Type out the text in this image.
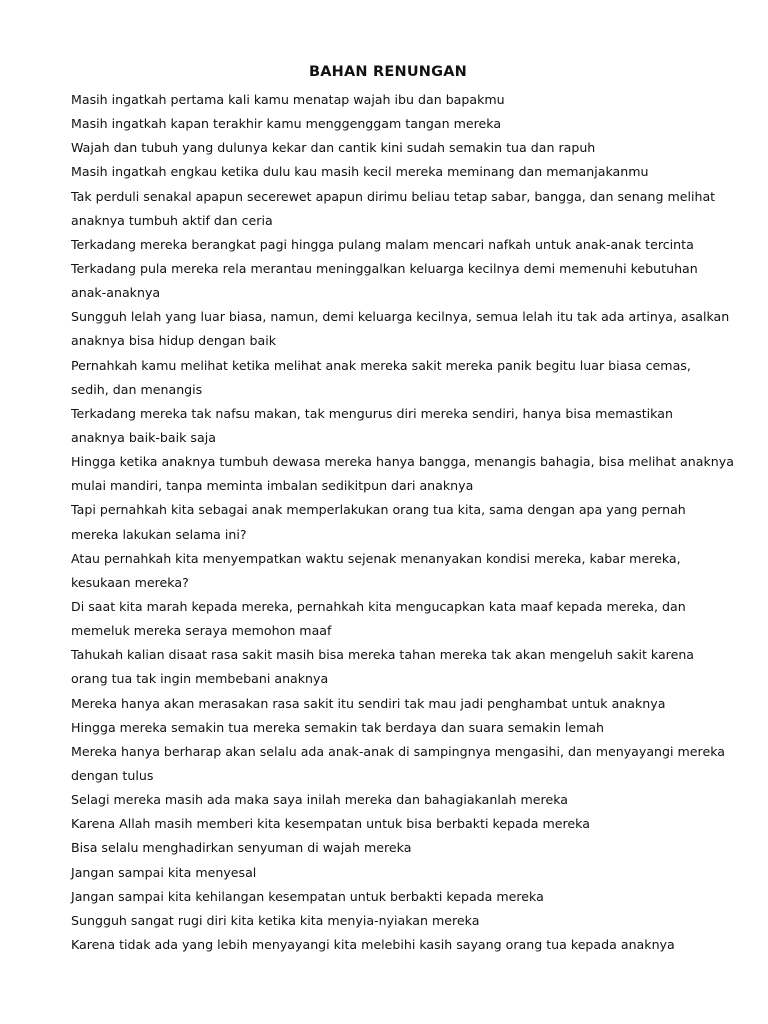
BAHAN RENUNGAN
Masih ingatkah pertama kali kamu menatap wajah ibu dan bapakmu
Masih ingatkah kapan terakhir kamu menggenggam tangan mereka
Wajah dan tubuh yang dulunya kekar dan cantik kini sudah semakin tua dan rapuh
Masih ingatkah engkau ketika dulu kau masih kecil mereka meminang dan memanjakanmu
Tak perduli senakal apapun secerewet apapun dirimu beliau tetap sabar, bangga, dan senang melihat
anaknya tumbuh aktif dan ceria
Terkadang mereka berangkat pagi hingga pulang malam mencari nafkah untuk anak-anak tercinta
Terkadang pula mereka rela merantau meninggalkan keluarga kecilnya demi memenuhi kebutuhan
anak-anaknya
Sungguh lelah yang luar biasa, namun, demi keluarga kecilnya, semua lelah itu tak ada artinya, asalkan
anaknya bisa hidup dengan baik
Pernahkah kamu melihat ketika melihat anak mereka sakit mereka panik begitu luar biasa cemas,
sedih, dan menangis
Terkadang mereka tak nafsu makan, tak mengurus diri mereka sendiri, hanya bisa memastikan
anaknya baik-baik saja
Hingga ketika anaknya tumbuh dewasa mereka hanya bangga, menangis bahagia, bisa melihat anaknya
mulai mandiri, tanpa meminta imbalan sedikitpun dari anaknya
Tapi pernahkah kita sebagai anak memperlakukan orang tua kita, sama dengan apa yang pernah
mereka lakukan selama ini?
Atau pernahkah kita menyempatkan waktu sejenak menanyakan kondisi mereka, kabar mereka,
kesukaan mereka?
Di saat kita marah kepada mereka, pernahkah kita mengucapkan kata maaf kepada mereka, dan
memeluk mereka seraya memohon maaf
Tahukah kalian disaat rasa sakit masih bisa mereka tahan mereka tak akan mengeluh sakit karena
orang tua tak ingin membebani anaknya
Mereka hanya akan merasakan rasa sakit itu sendiri tak mau jadi penghambat untuk anaknya
Hingga mereka semakin tua mereka semakin tak berdaya dan suara semakin lemah
Mereka hanya berharap akan selalu ada anak-anak di sampingnya mengasihi, dan menyayangi mereka
dengan tulus
Selagi mereka masih ada maka saya inilah mereka dan bahagiakanlah mereka
Karena Allah masih memberi kita kesempatan untuk bisa berbakti kepada mereka
Bisa selalu menghadirkan senyuman di wajah mereka
Jangan sampai kita menyesal
Jangan sampai kita kehilangan kesempatan untuk berbakti kepada mereka
Sungguh sangat rugi diri kita ketika kita menyia-nyiakan mereka
Karena tidak ada yang lebih menyayangi kita melebihi kasih sayang orang tua kepada anaknya
